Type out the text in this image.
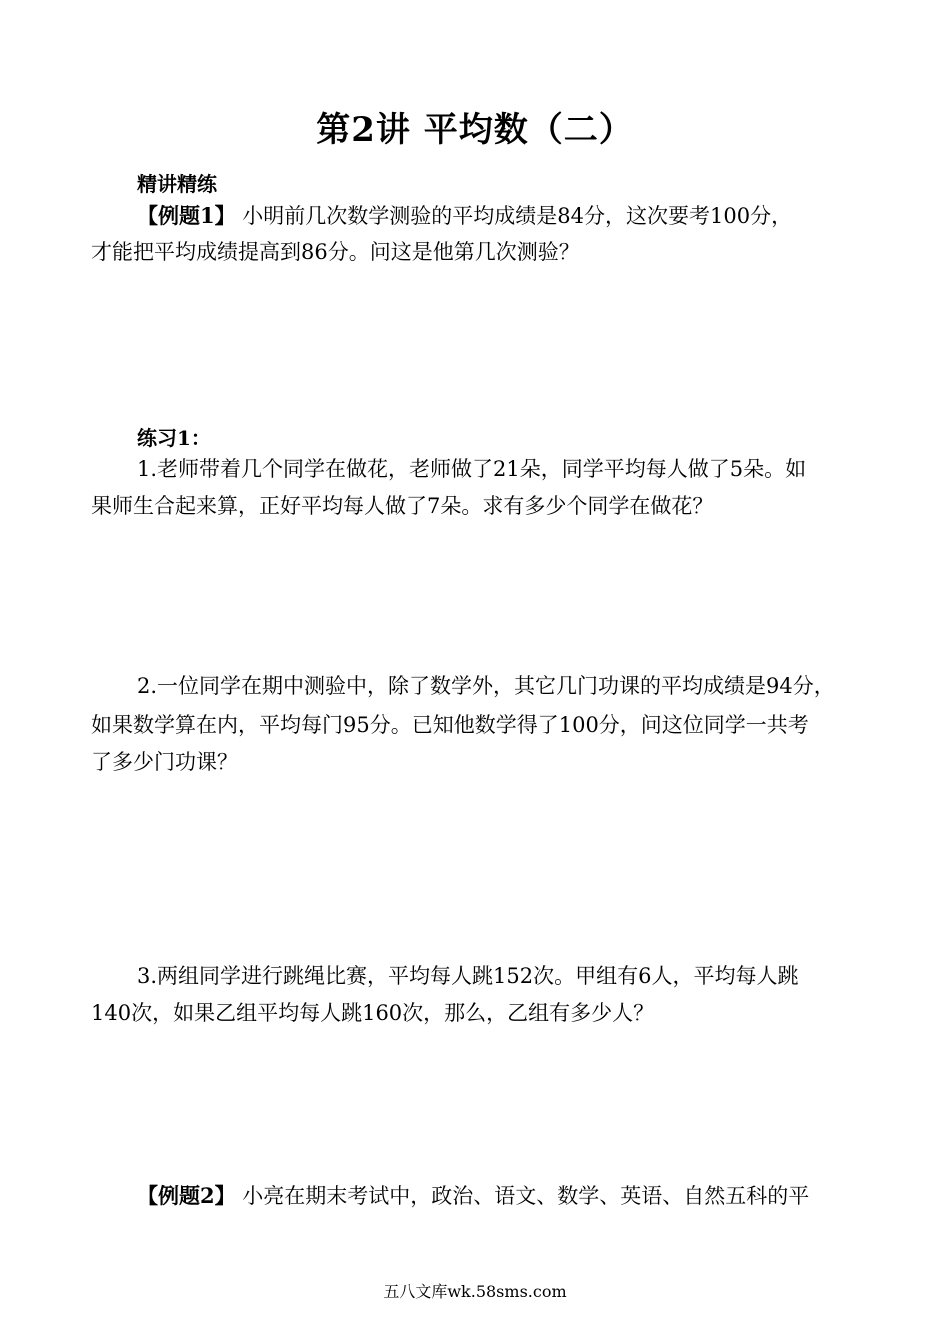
第2讲 平均数（二）
精讲精练
【例题1】 小明前几次数学测验的平均成绩是84分，这次要考100分，
才能把平均成绩提高到86分。问这是他第几次测验？
练习1：
1.老师带着几个同学在做花，老师做了21朵，同学平均每人做了5朵。如
果师生合起来算，正好平均每人做了7朵。求有多少个同学在做花？
2.一位同学在期中测验中，除了数学外，其它几门功课的平均成绩是94分，
如果数学算在内，平均每门95分。已知他数学得了100分，问这位同学一共考
了多少门功课？
3.两组同学进行跳绳比赛，平均每人跳152次。甲组有6人，平均每人跳
140次，如果乙组平均每人跳160次，那么，乙组有多少人？
【例题2】 小亮在期末考试中，政治、语文、数学、英语、自然五科的平
五八文库wk.58sms.com
